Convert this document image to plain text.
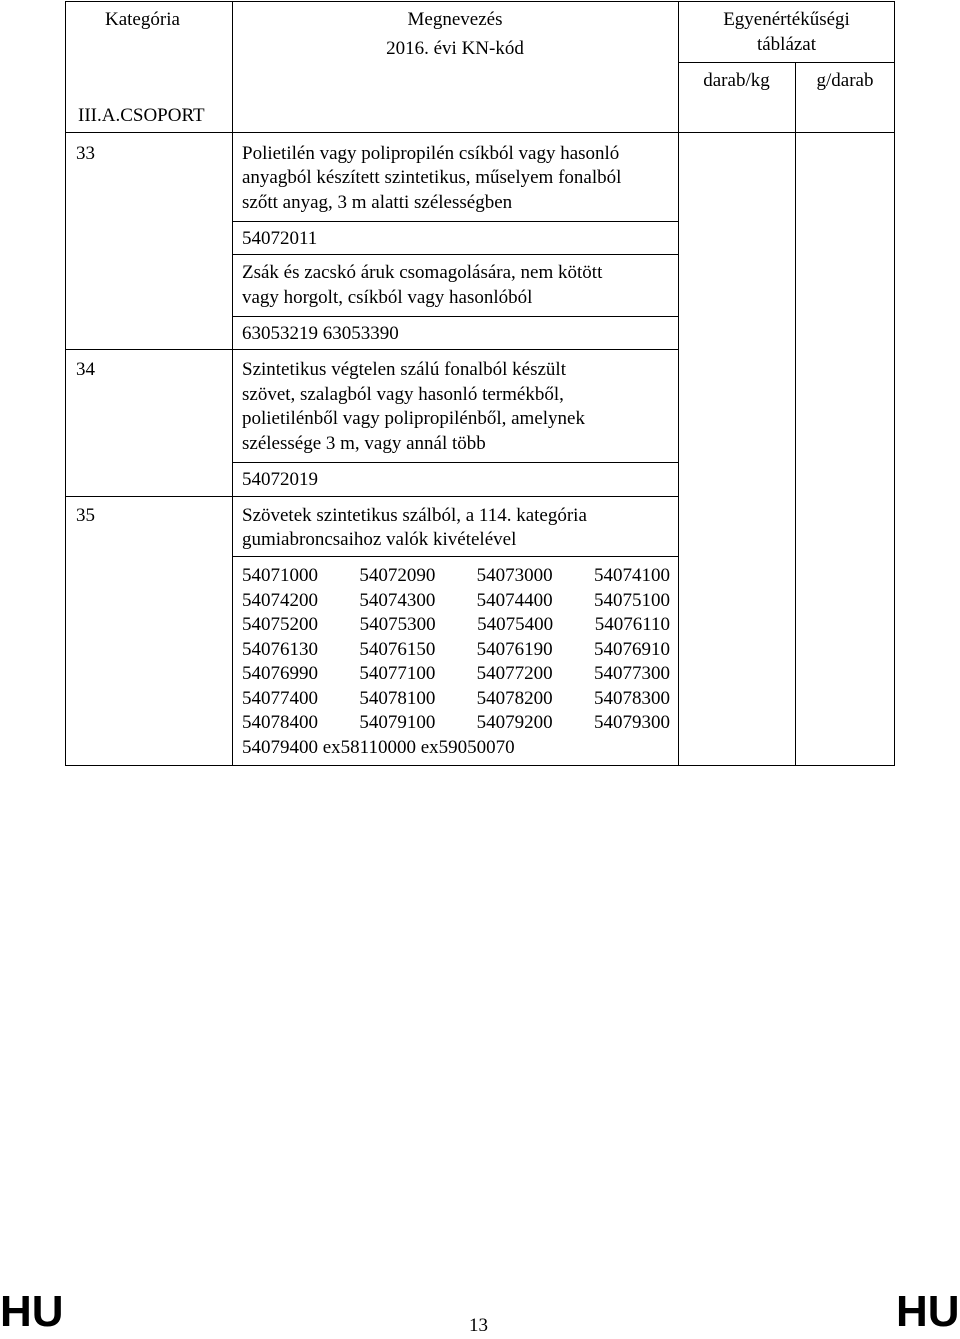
Kategória	Megnevezés
2016. évi KN-kód
Egyenértékűségi
táblázat
darab/kg	g/darab
III.A.CSOPORT
33	Polietilén vagy polipropilén csíkból vagy hasonló
anyagból készített szintetikus, műselyem fonalból
szőtt anyag, 3 m alatti szélességben
54072011
Zsák és zacskó áruk csomagolására, nem kötött
vagy horgolt, csíkból vagy hasonlóból
63053219 63053390
34	Szintetikus végtelen szálú fonalból készült
szövet, szalagból vagy hasonló termékből,
polietilénből vagy polipropilénből, amelynek
szélessége 3 m, vagy annál több
54072019
35	Szövetek szintetikus szálból, a 114. kategória
gumiabroncsaihoz valók kivételével
54071000 54072090 54073000 54074100
54074200 54074300 54074400 54075100
54075200 54075300 54075400 54076110
54076130 54076150 54076190 54076910
54076990 54077100 54077200 54077300
54077400 54078100 54078200 54078300
54078400 54079100 54079200 54079300
54079400 ex58110000 ex59050070
HU	13	HU
